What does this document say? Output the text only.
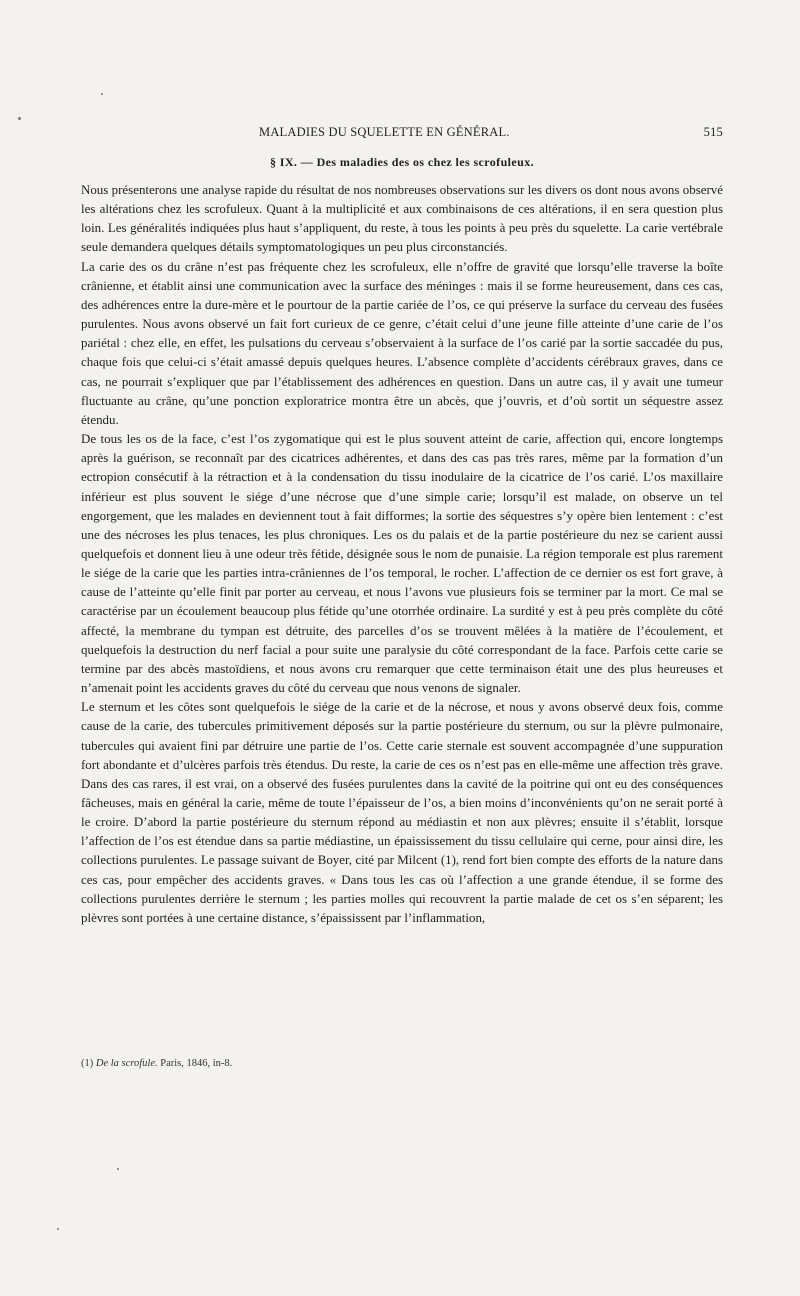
MALADIES DU SQUELETTE EN GÉNÉRAL.	515
§ IX. — Des maladies des os chez les scrofuleux.

Nous présenterons une analyse rapide du résultat de nos nombreuses observations sur les divers os dont nous avons observé les altérations chez les scrofuleux. Quant à la multiplicité et aux combinaisons de ces altérations, il en sera question plus loin. Les généralités indiquées plus haut s’appliquent, du reste, à tous les points à peu près du squelette. La carie vertébrale seule demandera quelques détails symptomatologiques un peu plus circonstanciés.

La carie des os du crâne n’est pas fréquente chez les scrofuleux, elle n’offre de gravité que lorsqu’elle traverse la boîte crânienne, et établit ainsi une communication avec la surface des méninges : mais il se forme heureusement, dans ces cas, des adhérences entre la dure-mère et le pourtour de la partie cariée de l’os, ce qui préserve la surface du cerveau des fusées purulentes. Nous avons observé un fait fort curieux de ce genre, c’était celui d’une jeune fille atteinte d’une carie de l’os pariétal : chez elle, en effet, les pulsations du cerveau s’observaient à la surface de l’os carié par la sortie saccadée du pus, chaque fois que celui-ci s’était amassé depuis quelques heures. L’absence complète d’accidents cérébraux graves, dans ce cas, ne pourrait s’expliquer que par l’établissement des adhérences en question. Dans un autre cas, il y avait une tumeur fluctuante au crâne, qu’une ponction exploratrice montra être un abcès, que j’ouvris, et d’où sortit un séquestre assez étendu.

De tous les os de la face, c’est l’os zygomatique qui est le plus souvent atteint de carie, affection qui, encore longtemps après la guérison, se reconnaît par des cicatrices adhérentes, et dans des cas pas très rares, même par la formation d’un ectropion consécutif à la rétraction et à la condensation du tissu inodulaire de la cicatrice de l’os carié. L’os maxillaire inférieur est plus souvent le siége d’une nécrose que d’une simple carie; lorsqu’il est malade, on observe un tel engorgement, que les malades en deviennent tout à fait difformes; la sortie des séquestres s’y opère bien lentement : c’est une des nécroses les plus tenaces, les plus chroniques. Les os du palais et de la partie postérieure du nez se carient aussi quelquefois et donnent lieu à une odeur très fétide, désignée sous le nom de punaisie. La région temporale est plus rarement le siége de la carie que les parties intra-crâniennes de l’os temporal, le rocher. L’affection de ce dernier os est fort grave, à cause de l’atteinte qu’elle finit par porter au cerveau, et nous l’avons vue plusieurs fois se terminer par la mort. Ce mal se caractérise par un écoulement beaucoup plus fétide qu’une otorrhée ordinaire. La surdité y est à peu près complète du côté affecté, la membrane du tympan est détruite, des parcelles d’os se trouvent mêlées à la matière de l’écoulement, et quelquefois la destruction du nerf facial a pour suite une paralysie du côté correspondant de la face. Parfois cette carie se termine par des abcès mastoïdiens, et nous avons cru remarquer que cette terminaison était une des plus heureuses et n’amenait point les accidents graves du côté du cerveau que nous venons de signaler.

Le sternum et les côtes sont quelquefois le siége de la carie et de la nécrose, et nous y avons observé deux fois, comme cause de la carie, des tubercules primitivement déposés sur la partie postérieure du sternum, ou sur la plèvre pulmonaire, tubercules qui avaient fini par détruire une partie de l’os. Cette carie sternale est souvent accompagnée d’une suppuration fort abondante et d’ulcères parfois très étendus. Du reste, la carie de ces os n’est pas en elle-même une affection très grave. Dans des cas rares, il est vrai, on a observé des fusées purulentes dans la cavité de la poitrine qui ont eu des conséquences fâcheuses, mais en général la carie, même de toute l’épaisseur de l’os, a bien moins d’inconvénients qu’on ne serait porté à le croire. D’abord la partie postérieure du sternum répond au médiastin et non aux plèvres; ensuite il s’établit, lorsque l’affection de l’os est étendue dans sa partie médiastine, un épaississement du tissu cellulaire qui cerne, pour ainsi dire, les collections purulentes. Le passage suivant de Boyer, cité par Milcent (1), rend fort bien compte des efforts de la nature dans ces cas, pour empêcher des accidents graves. « Dans tous les cas où l’affection a une grande étendue, il se forme des collections purulentes derrière le sternum ; les parties molles qui recouvrent la partie malade de cet os s’en séparent; les plèvres sont portées à une certaine distance, s’épaississent par l’inflammation,

(1) De la scrofule. Paris, 1846, in-8.
